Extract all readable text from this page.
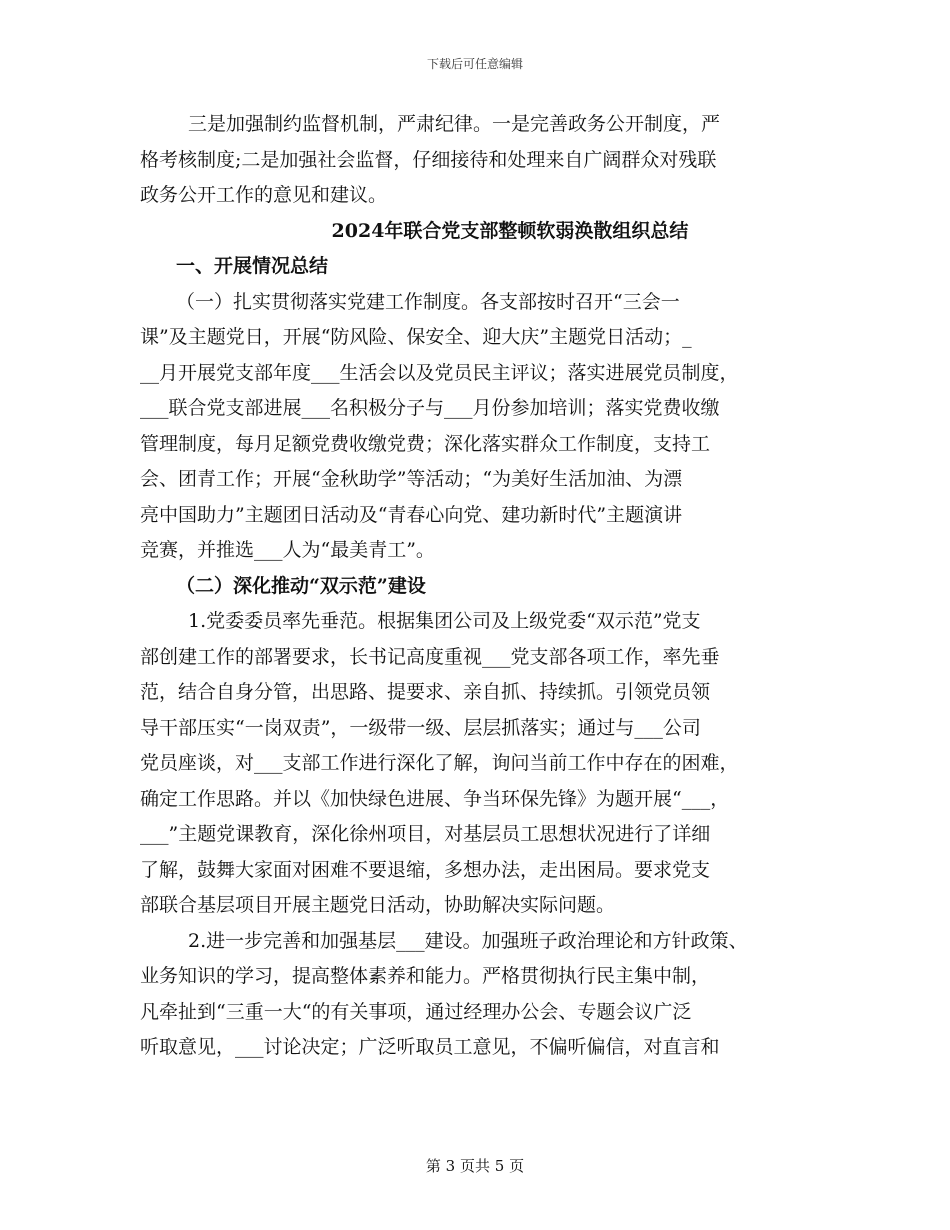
下载后可任意编辑
三是加强制约监督机制，严肃纪律。一是完善政务公开制度，严
格考核制度;二是加强社会监督，仔细接待和处理来自广阔群众对残联
政务公开工作的意见和建议。
2024年联合党支部整顿软弱涣散组织总结
一、开展情况总结
（一）扎实贯彻落实党建工作制度。各支部按时召开“三会一
课”及主题党日，开展“防风险、保安全、迎大庆”主题党日活动；_
__月开展党支部年度___生活会以及党员民主评议；落实进展党员制度，
___联合党支部进展___名积极分子与___月份参加培训；落实党费收缴
管理制度，每月足额党费收缴党费；深化落实群众工作制度，支持工
会、团青工作；开展“金秋助学”等活动；“为美好生活加油、为漂
亮中国助力”主题团日活动及“青春心向党、建功新时代”主题演讲
竞赛，并推选___人为“最美青工”。
（二）深化推动“双示范”建设
1.党委委员率先垂范。根据集团公司及上级党委“双示范”党支
部创建工作的部署要求，长书记高度重视___党支部各项工作，率先垂
范，结合自身分管，出思路、提要求、亲自抓、持续抓。引领党员领
导干部压实“一岗双责”，一级带一级、层层抓落实；通过与___公司
党员座谈，对___支部工作进行深化了解，询问当前工作中存在的困难，
确定工作思路。并以《加快绿色进展、争当环保先锋》为题开展“___，
___”主题党课教育，深化徐州项目，对基层员工思想状况进行了详细
了解，鼓舞大家面对困难不要退缩，多想办法，走出困局。要求党支
部联合基层项目开展主题党日活动，协助解决实际问题。
2.进一步完善和加强基层___建设。加强班子政治理论和方针政策、
业务知识的学习，提高整体素养和能力。严格贯彻执行民主集中制，
凡牵扯到“三重一大“的有关事项，通过经理办公会、专题会议广泛
听取意见，___讨论决定；广泛听取员工意见，不偏听偏信，对直言和
第 3 页共 5 页
